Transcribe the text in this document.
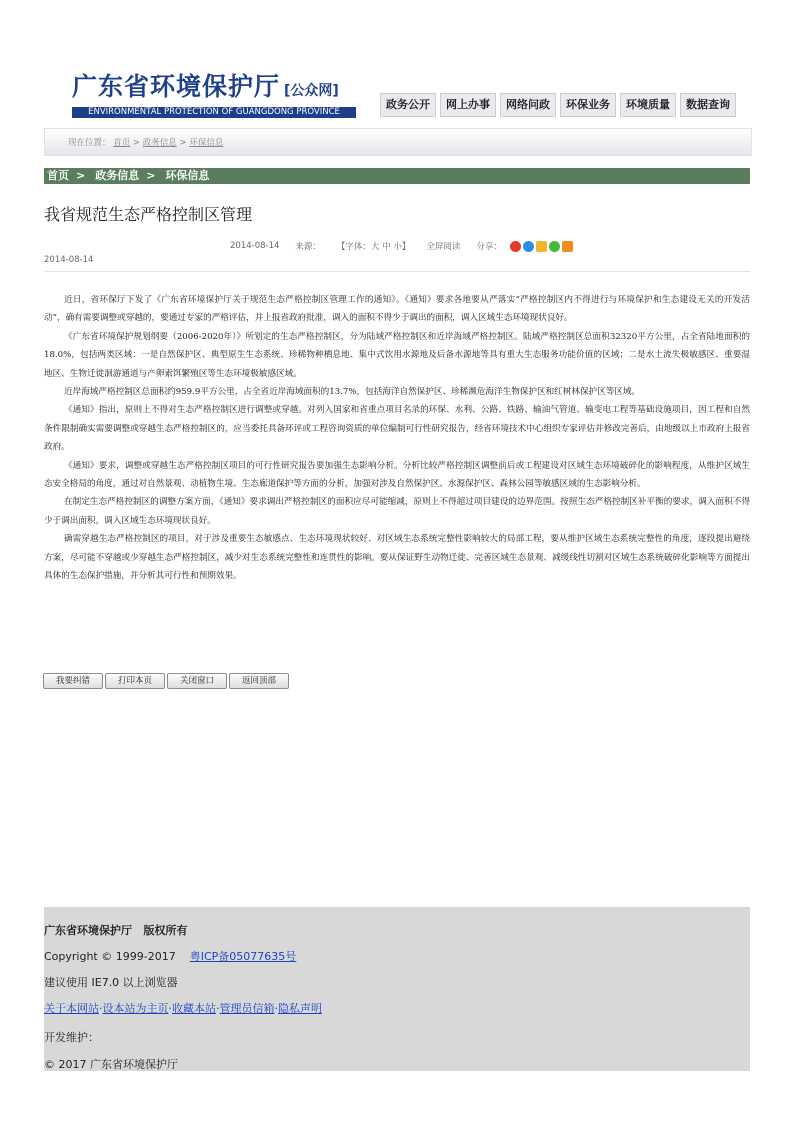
广东省环境保护厅 [公众网]
ENVIRONMENTAL PROTECTION OF GUANGDONG PROVINCE
政务公开	网上办事	网络问政	环保业务	环境质量	数据查询
现在位置： 首页 > 政务信息 > 环保信息
首页 > 政务信息 > 环保信息
我省规范生态严格控制区管理
2014-08-14 来源： 【字体：大 中 小】 全屏阅读 分享：
2014-08-14

近日，省环保厅下发了《广东省环境保护厅关于规范生态严格控制区管理工作的通知》。《通知》要求各地要从严落实“严格控制区内不得进行与环境保护和生态建设无关的开发活动”，确有需要调整或穿越的，要通过专家的严格评估，并上报省政府批准，调入的面积不得少于调出的面积，调入区域生态环境现状良好。

《广东省环境保护规划纲要（2006-2020年）》所划定的生态严格控制区，分为陆域严格控制区和近岸海域严格控制区。陆域严格控制区总面积32320平方公里，占全省陆地面积的18.0%，包括两类区域：一是自然保护区、典型原生生态系统、珍稀物种栖息地、集中式饮用水源地及后备水源地等具有重大生态服务功能价值的区域；二是水土流失极敏感区、重要湿地区、生物迁徙洄游通道与产卵索饵繁殖区等生态环境极敏感区域。

近岸海域严格控制区总面积约959.9平方公里，占全省近岸海域面积的13.7%，包括海洋自然保护区、珍稀濒危海洋生物保护区和红树林保护区等区域。

《通知》指出，原则上不得对生态严格控制区进行调整或穿越。对列入国家和省重点项目名录的环保、水利、公路、铁路、输油气管道、输变电工程等基础设施项目，因工程和自然条件限制确实需要调整或穿越生态严格控制区的，应当委托具备环评或工程咨询资质的单位编制可行性研究报告，经省环境技术中心组织专家评估并修改完善后，由地级以上市政府上报省政府。

《通知》要求，调整或穿越生态严格控制区项目的可行性研究报告要加强生态影响分析。分析比较严格控制区调整前后或工程建设对区域生态环境破碎化的影响程度，从维护区域生态安全格局的角度，通过对自然景观、动植物生境、生态廊道保护等方面的分析，加强对涉及自然保护区、水源保护区、森林公园等敏感区域的生态影响分析。

在制定生态严格控制区的调整方案方面，《通知》要求调出严格控制区的面积应尽可能缩减，原则上不得超过项目建设的边界范围。按照生态严格控制区补平衡的要求，调入面积不得少于调出面积，调入区域生态环境现状良好。

确需穿越生态严格控制区的项目，对于涉及重要生态敏感点、生态环境现状较好、对区域生态系统完整性影响较大的局部工程，要从维护区域生态系统完整性的角度，逐段提出避绕方案，尽可能不穿越或少穿越生态严格控制区，减少对生态系统完整性和连贯性的影响。要从保证野生动物迁徙、完善区域生态景观、减缓线性切割对区域生态系统破碎化影响等方面提出具体的生态保护措施，并分析其可行性和预期效果。

我要纠错	打印本页	关闭窗口	返回顶部
广东省环境保护厅 版权所有
Copyright © 1999-2017 粤ICP备05077635号
建议使用 IE7.0 以上浏览器
关于本网站·设本站为主页·收藏本站·管理员信箱·隐私声明
开发维护：
© 2017 广东省环境保护厅
